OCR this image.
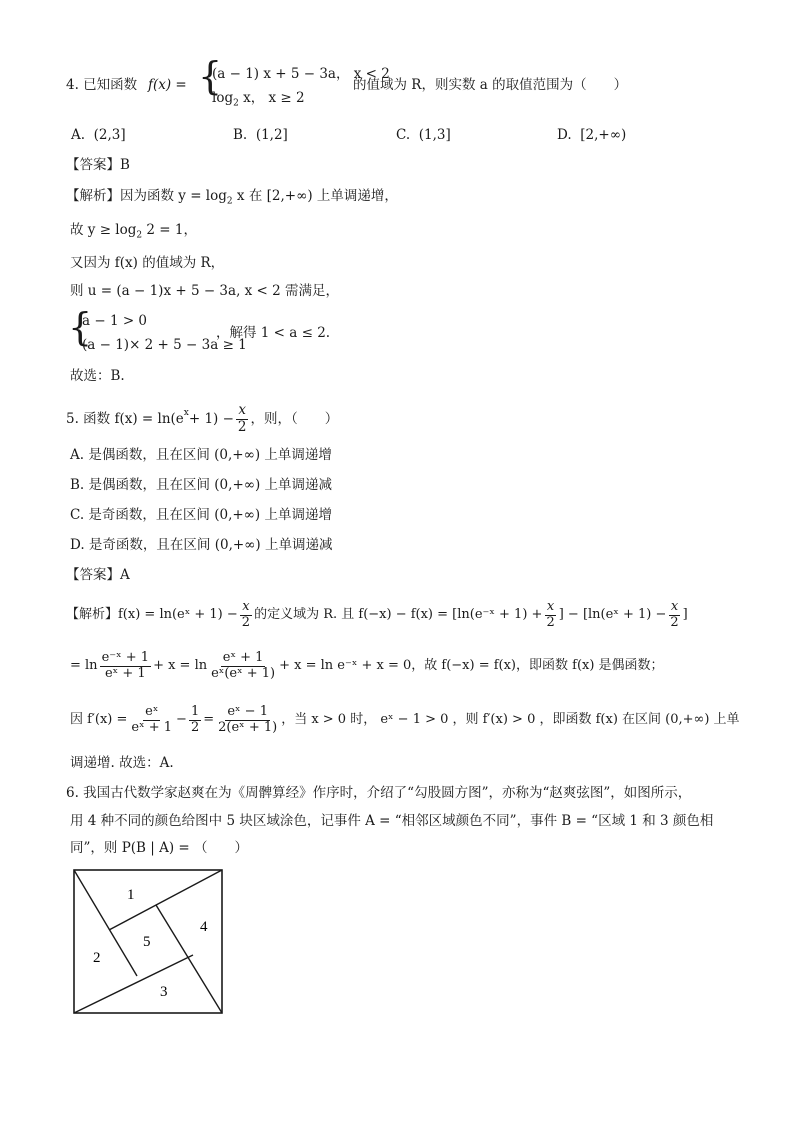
4. 已知函数 f(x) = {
(a − 1) x + 5 − 3a， x < 2
$\log_2 x$， x ≥ 2
的值域为 R，则实数 a 的取值范围为（　　）
A. (2,3]	B. (1,2]	C. (1,3]	D. [2,+∞)
【答案】B
【解析】因为函数 $y = \log_2 x$ 在 [2,+∞) 上单调递增，
故 $y \ge \log_2 2 = 1$，
又因为 f(x) 的值域为 R，
则 u = (a − 1)x + 5 − 3a, x < 2 需满足，
{
a − 1 > 0
(a − 1)× 2 + 5 − 3a ≥ 1
，解得 1 < a ≤ 2.
故选：B.
5. 函数 $f(x) = \ln(e^x + 1) - \frac{x}{2}$ ，则，（　　）
A. 是偶函数，且在区间 (0,+∞) 上单调递增
B. 是偶函数，且在区间 (0,+∞) 上单调递减
C. 是奇函数，且在区间 (0,+∞) 上单调递增
D. 是奇函数，且在区间 (0,+∞) 上单调递减
【答案】A
【解析】f(x) = ln(eˣ + $1) - \frac{x}{2}$ 的定义域为 R. 且 f(−x) − f(x) = [ln(e⁻ˣ + $1) + \frac{x}{2}$ ] − [ln(eˣ + $1) - \frac{x}{2}$ ]
= $\ln \frac{\text{e⁻ˣ + 1}}{\text{eˣ + 1}} + x = \ln \frac{\text{eˣ + 1}}{\text{eˣ(eˣ + 1)}} + x = \ln$ e⁻ˣ + x = 0，故 f(−x) = f(x)，即函数 f(x) 是偶函数；
因 $f'(x) = \frac{\text{eˣ}}{\text{eˣ + 1}} - \frac{1}{2} = \frac{\text{eˣ − 1}}{\text{2(eˣ + 1)}}$ ，当 x > 0 时， eˣ − 1 > 0 ，则 f′(x) > 0 ，即函数 f(x) 在区间 (0,+∞) 上单
调递增. 故选：A.
6. 我国古代数学家赵爽在为《周髀算经》作序时，介绍了“勾股圆方图”，亦称为“赵爽弦图”，如图所示，
用 4 种不同的颜色给图中 5 块区域涂色，记事件 A = “相邻区域颜色不同”，事件 B = “区域 1 和 3 颜色相
同”，则 P(B | A) = （　　）
1
2
3
4
5
